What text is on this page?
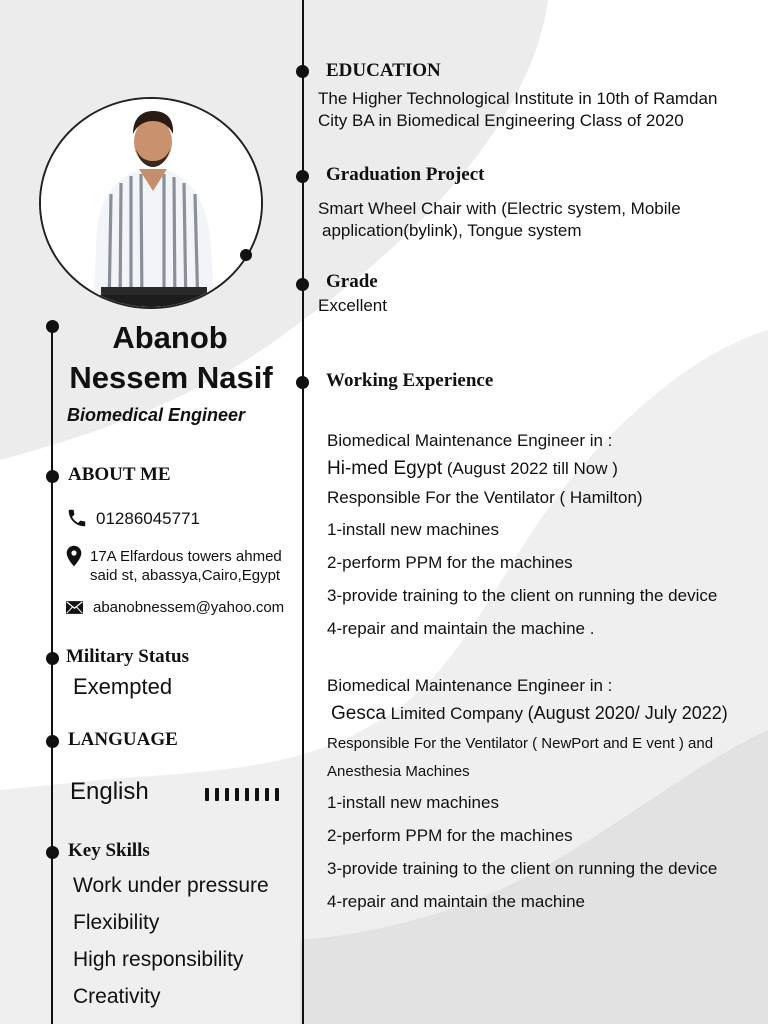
Abanob
Nessem Nasif
Biomedical Engineer
ABOUT ME
01286045771
17A Elfardous towers ahmed
said st, abassya,Cairo,Egypt
abanobnessem@yahoo.com
Military Status
Exempted
LANGUAGE
English
Key Skills
Work under pressure
Flexibility
High responsibility
Creativity
EDUCATION
The Higher Technological Institute in 10th of Ramdan
City BA in Biomedical Engineering Class of 2020
Graduation Project
Smart Wheel Chair with (Electric system, Mobile
application(bylink), Tongue system
Grade
Excellent
Working Experience
Biomedical Maintenance Engineer in :
Hi-med Egypt (August 2022 till Now )
Responsible For the Ventilator ( Hamilton)
1-install new machines
2-perform PPM for the machines
3-provide training to the client on running the device
4-repair and maintain the machine .
Biomedical Maintenance Engineer in :
Gesca Limited Company (August 2020/ July 2022)
Responsible For the Ventilator ( NewPort and E vent ) and
Anesthesia Machines
1-install new machines
2-perform PPM for the machines
3-provide training to the client on running the device
4-repair and maintain the machine
